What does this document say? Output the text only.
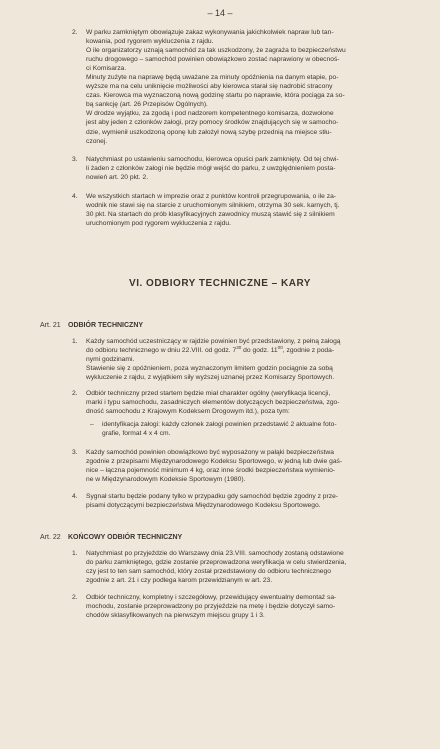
– 14 –
2. W parku zamkniętym obowiązuje zakaz wykonywania jakichkolwiek napraw lub tan-

kowania, pod rygorem wykluczenia z rajdu.

O ile organizatorzy uznają samochód za tak uszkodzony, że zagraża to bezpieczeństwu

ruchu drogowego – samochód powinien obowiązkowo zostać naprawiony w obecnoś-

ci Komisarza.

Minuty zużyte na naprawę będą uważane za minuty opóźnienia na danym etapie, po-

wyższe ma na celu uniknięcie możliwości aby kierowca starał się nadrobić stracony

czas. Kierowca ma wyznaczoną nową godzinę startu po naprawie, która pociąga za so-

bą sankcję (art. 26 Przepisów Ogólnych).

W drodze wyjątku, za zgodą i pod nadzorem kompetentnego komisarza, dozwolone

jest aby jeden z członków załogi, przy pomocy środków znajdujących się w samocho-

dzie, wymienił uszkodzoną oponę lub założył nową szybę przednią na miejsce stłu-

czonej.

3. Natychmiast po ustawieniu samochodu, kierowca opuści park zamknięty. Od tej chwi-

li żaden z członków załogi nie będzie mógł wejść do parku, z uwzględnieniem posta-

nowień art. 20 pkt. 2.

4. We wszystkich startach w imprezie oraz z punktów kontroli przegrupowania, o ile za-

wodnik nie stawi się na starcie z uruchomionym silnikiem, otrzyma 30 sek. karnych, tj.

30 pkt. Na startach do prób klasyfikacyjnych zawodnicy muszą stawić się z silnikiem

uruchomionym pod rygorem wykluczenia z rajdu.

VI. ODBIORY TECHNICZNE – KARY
Art. 21 ODBIÓR TECHNICZNY
1. Każdy samochód uczestniczący w rajdzie powinien być przedstawiony, z pełną załogą

do odbioru technicznego w dniu 22.VIII. od godz. $7^{30}$ do godz. $11^{00}$, zgodnie z poda-

nymi godzinami.

Stawienie się z opóźnieniem, poza wyznaczonym limitem godzin pociągnie za sobą

wykluczenie z rajdu, z wyjątkiem siły wyższej uznanej przez Komisarzy Sportowych.

2. Odbiór techniczny przed startem będzie miał charakter ogólny (weryfikacja licencji,

marki i typu samochodu, zasadniczych elementów dotyczących bezpieczeństwa, zgo-

dność samochodu z Krajowym Kodeksem Drogowym itd.), poza tym:

– identyfikacja załogi: każdy członek załogi powinien przedstawić 2 aktualne foto-

grafie, format 4 x 4 cm.

3. Każdy samochód powinien obowiązkowo być wyposażony w pałąki bezpieczeństwa

zgodnie z przepisami Międzynarodowego Kodeksu Sportowego, w jedną lub dwie gaś-

nice – łączna pojemność minimum 4 kg, oraz inne środki bezpieczeństwa wymienio-

ne w Międzynarodowym Kodeksie Sportowym (1980).

4. Sygnał startu będzie podany tylko w przypadku gdy samochód będzie zgodny z prze-

pisami dotyczącymi bezpieczeństwa Międzynarodowego Kodeksu Sportowego.

Art. 22 KOŃCOWY ODBIÓR TECHNICZNY
1. Natychmiast po przyjeździe do Warszawy dnia 23.VIII. samochody zostaną odstawione

do parku zamkniętego, gdzie zostanie przeprowadzona weryfikacja w celu stwierdzenia,

czy jest to ten sam samochód, który został przedstawiony do odbioru technicznego

zgodnie z art. 21 i czy podlega karom przewidzianym w art. 23.

2. Odbiór techniczny, kompletny i szczegółowy, przewidujący ewentualny demontaż sa-

mochodu, zostanie przeprowadzony po przyjeździe na metę i będzie dotyczył samo-

chodów sklasyfikowanych na pierwszym miejscu grupy 1 i 3.
